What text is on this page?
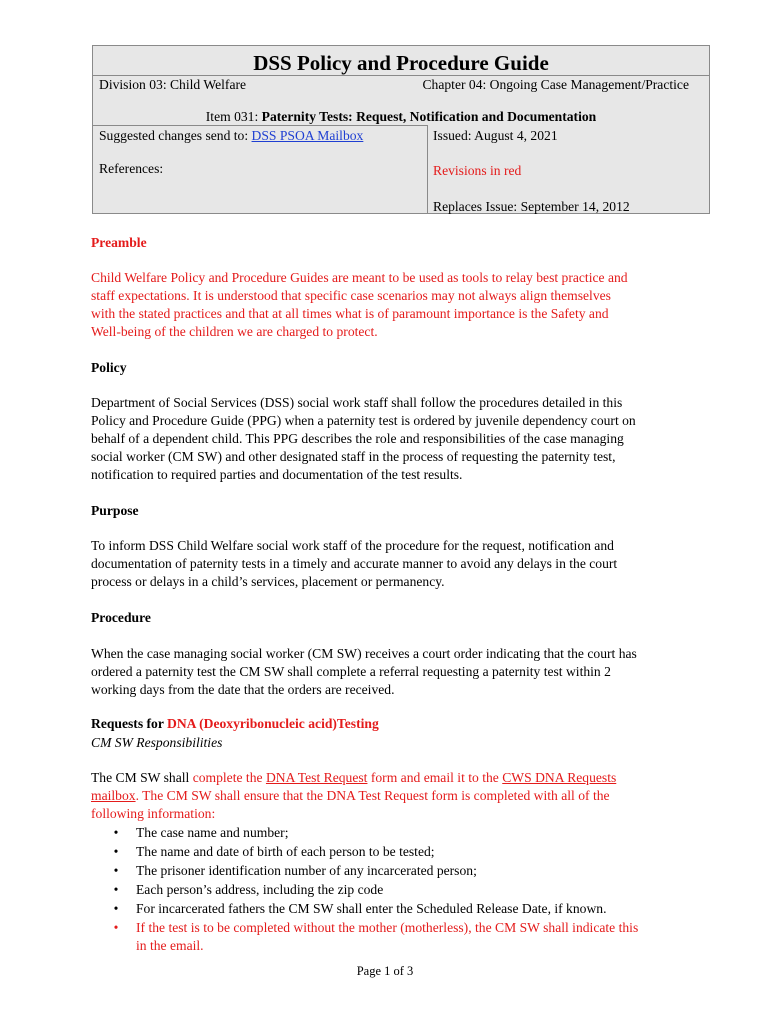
DSS Policy and Procedure Guide
Division 03: Child Welfare	Chapter 04: Ongoing Case Management/Practice
Item 031: Paternity Tests: Request, Notification and Documentation
Suggested changes send to: DSS PSOA Mailbox
References:
Issued: August 4, 2021
Revisions in red
Replaces Issue: September 14, 2012
Preamble
Child Welfare Policy and Procedure Guides are meant to be used as tools to relay best practice and
staff expectations. It is understood that specific case scenarios may not always align themselves
with the stated practices and that at all times what is of paramount importance is the Safety and
Well-being of the children we are charged to protect.
Policy
Department of Social Services (DSS) social work staff shall follow the procedures detailed in this
Policy and Procedure Guide (PPG) when a paternity test is ordered by juvenile dependency court on
behalf of a dependent child. This PPG describes the role and responsibilities of the case managing
social worker (CM SW) and other designated staff in the process of requesting the paternity test,
notification to required parties and documentation of the test results.
Purpose
To inform DSS Child Welfare social work staff of the procedure for the request, notification and
documentation of paternity tests in a timely and accurate manner to avoid any delays in the court
process or delays in a child’s services, placement or permanency.
Procedure
When the case managing social worker (CM SW) receives a court order indicating that the court has
ordered a paternity test the CM SW shall complete a referral requesting a paternity test within 2
working days from the date that the orders are received.
Requests for DNA (Deoxyribonucleic acid)Testing
CM SW Responsibilities
The CM SW shall complete the DNA Test Request form and email it to the CWS DNA Requests
mailbox. The CM SW shall ensure that the DNA Test Request form is completed with all of the
following information:
• The case name and number;
• The name and date of birth of each person to be tested;
• The prisoner identification number of any incarcerated person;
• Each person’s address, including the zip code
• For incarcerated fathers the CM SW shall enter the Scheduled Release Date, if known.
• If the test is to be completed without the mother (motherless), the CM SW shall indicate this
in the email.
Page 1 of 3
